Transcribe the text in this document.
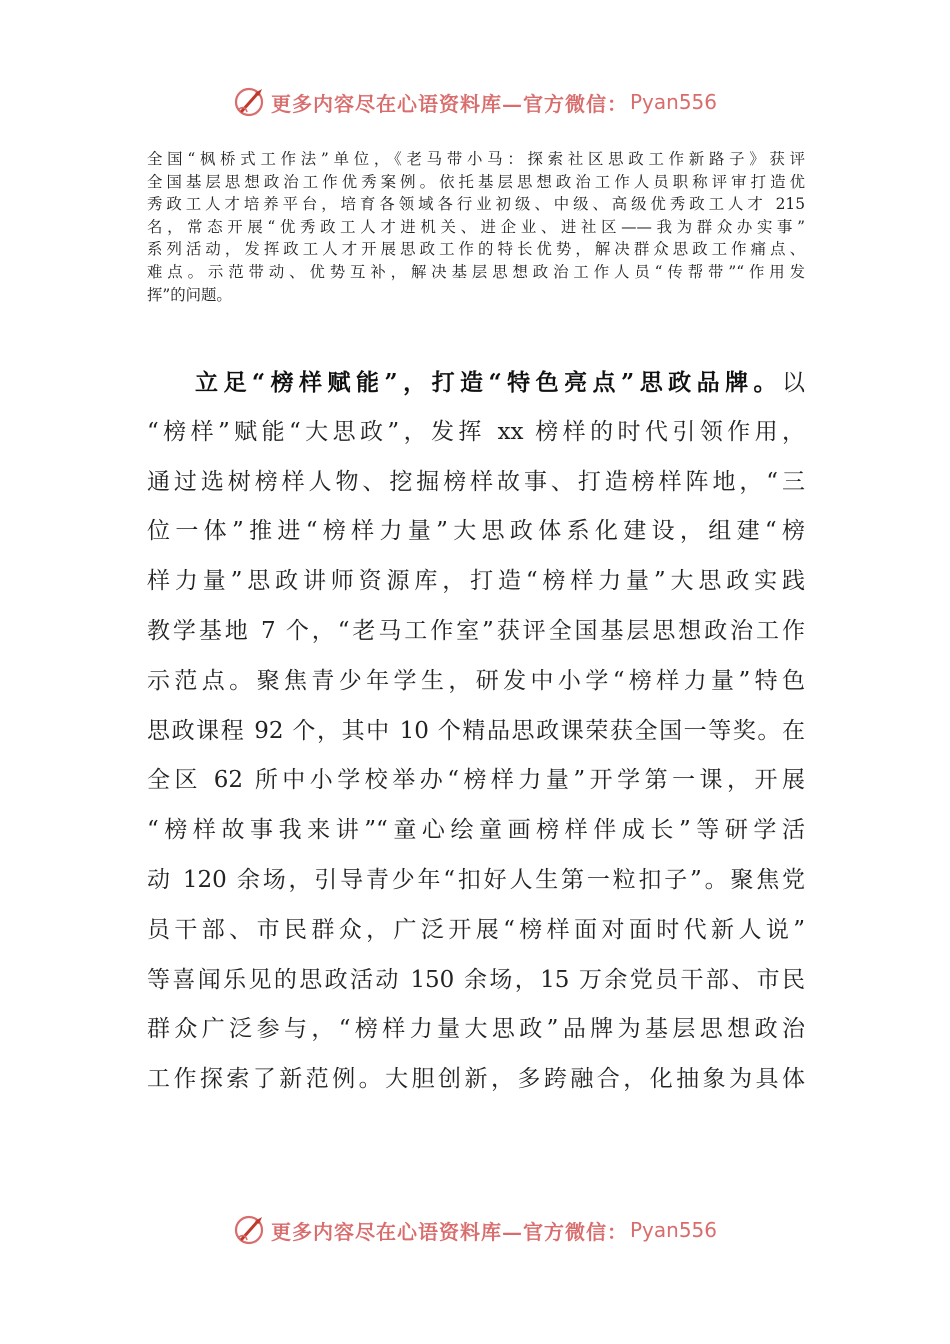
更多内容尽在心语资料库—官方微信： Pyan556
全国“枫桥式工作法”单位，《老马带小马：探索社区思政工作新路子》获评
全国基层思想政治工作优秀案例。依托基层思想政治工作人员职称评审打造优
秀政工人才培养平台，培育各领域各行业初级、中级、高级优秀政工人才 215
名，常态开展“优秀政工人才进机关、进企业、进社区——我为群众办实事”
系列活动，发挥政工人才开展思政工作的特长优势，解决群众思政工作痛点、
难点。示范带动、优势互补，解决基层思想政治工作人员“传帮带”“作用发
挥”的问题。
立足“榜样赋能”，打造“特色亮点”思政品牌。以
“榜样”赋能“大思政”，发挥 xx 榜样的时代引领作用，
通过选树榜样人物、挖掘榜样故事、打造榜样阵地，“三
位一体”推进“榜样力量”大思政体系化建设，组建“榜
样力量”思政讲师资源库，打造“榜样力量”大思政实践
教学基地 7 个，“老马工作室”获评全国基层思想政治工作
示范点。聚焦青少年学生，研发中小学“榜样力量”特色
思政课程 92 个，其中 10 个精品思政课荣获全国一等奖。在
全区 62 所中小学校举办“榜样力量”开学第一课，开展
“榜样故事我来讲”“童心绘童画榜样伴成长”等研学活
动 120 余场，引导青少年“扣好人生第一粒扣子”。聚焦党
员干部、市民群众，广泛开展“榜样面对面时代新人说”
等喜闻乐见的思政活动 150 余场，15 万余党员干部、市民
群众广泛参与，“榜样力量大思政”品牌为基层思想政治
工作探索了新范例。大胆创新，多跨融合，化抽象为具体
更多内容尽在心语资料库—官方微信： Pyan556
